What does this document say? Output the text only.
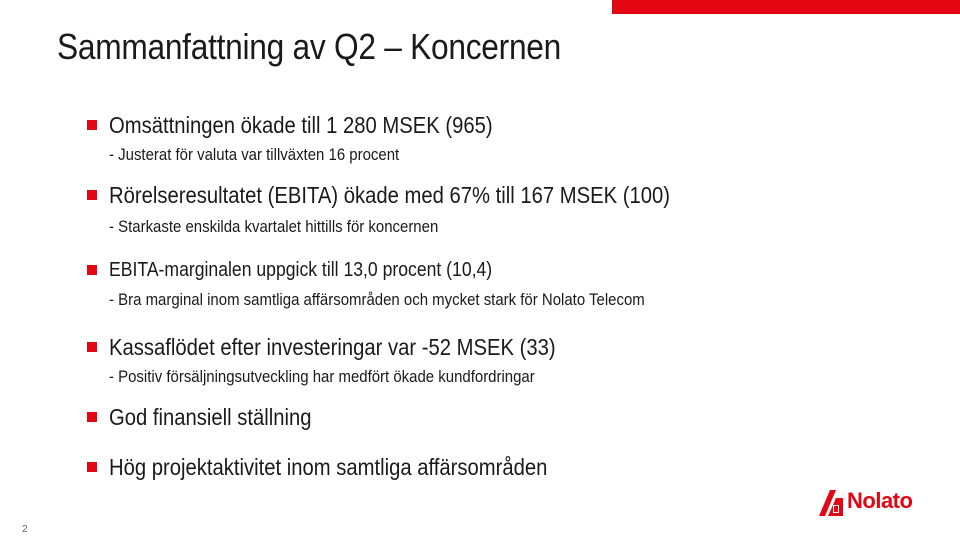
Sammanfattning av Q2 – Koncernen
Omsättningen ökade till 1 280 MSEK (965)
- Justerat för valuta var tillväxten 16 procent
Rörelseresultatet (EBITA) ökade med 67% till 167 MSEK (100)
- Starkaste enskilda kvartalet hittills för koncernen
EBITA-marginalen uppgick till 13,0 procent (10,4)
- Bra marginal inom samtliga affärsområden och mycket stark för Nolato Telecom
Kassaflödet efter investeringar var -52 MSEK (33)
- Positiv försäljningsutveckling har medfört ökade kundfordringar
God finansiell ställning
Hög projektaktivitet inom samtliga affärsområden
2
Nolato
